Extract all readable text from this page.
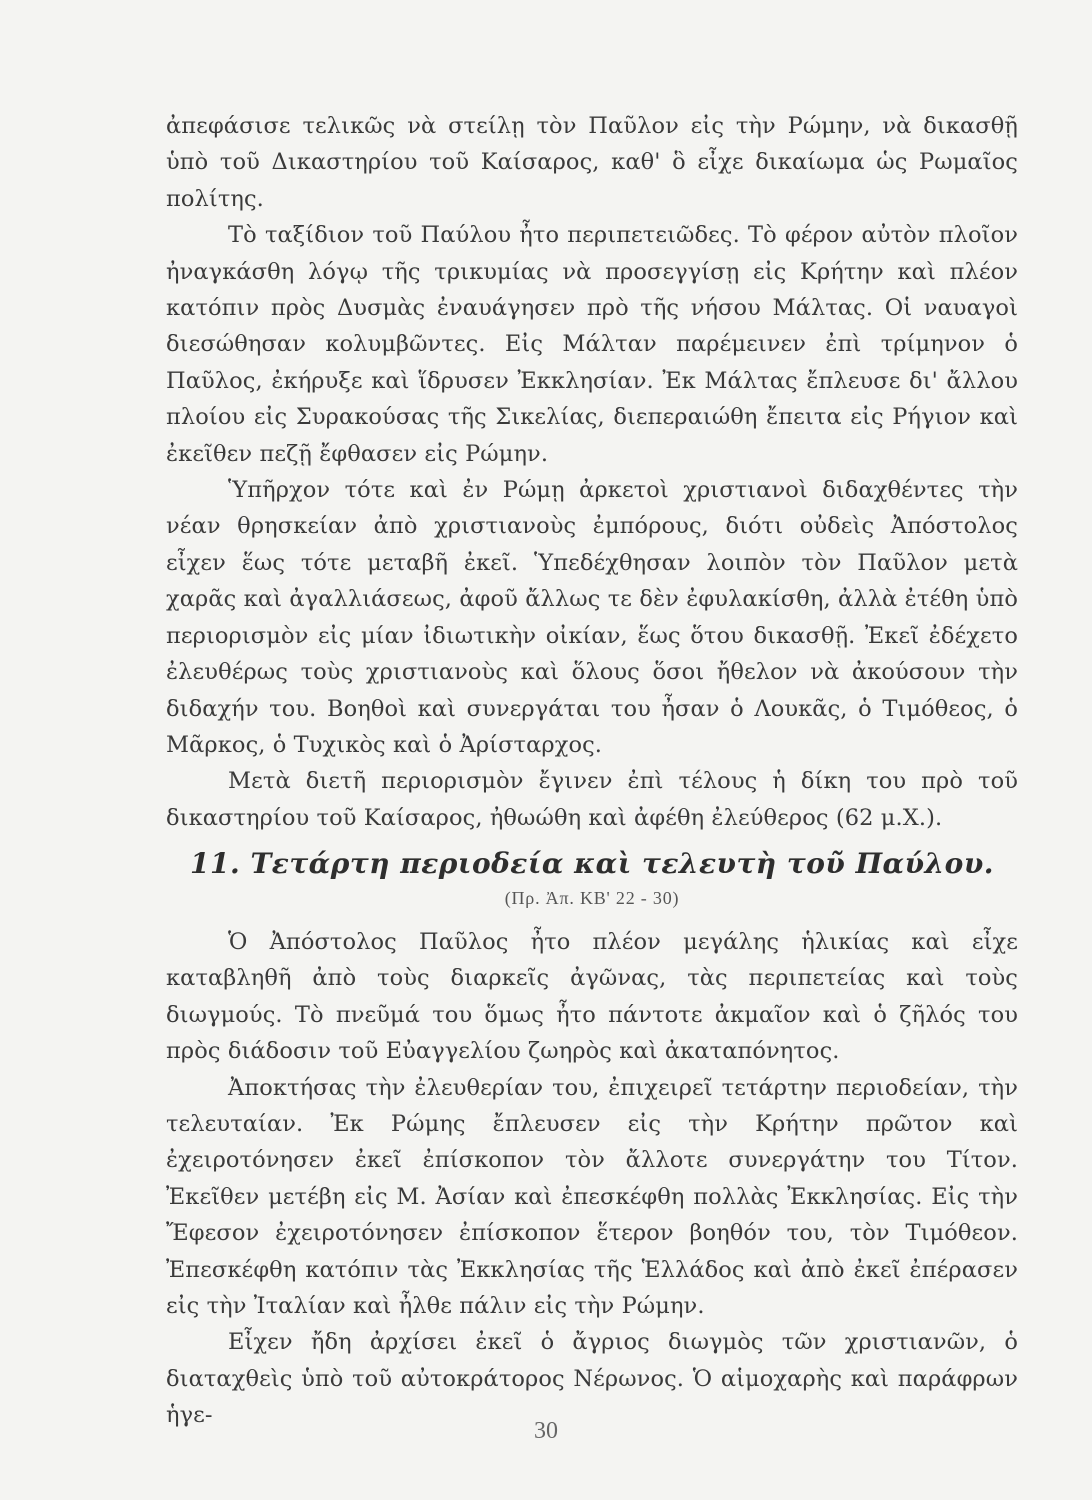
ἀπεφάσισε τελικῶς νὰ στείλῃ τὸν Παῦλον εἰς τὴν Ρώμην, νὰ δικασθῇ ὑπὸ τοῦ Δικαστηρίου τοῦ Καίσαρος, καθ' ὃ εἶχε δικαίωμα ὡς Ρωμαῖος πολίτης.

Τὸ ταξίδιον τοῦ Παύλου ἦτο περιπετειῶδες. Τὸ φέρον αὐτὸν πλοῖον ἠναγκάσθη λόγῳ τῆς τρικυμίας νὰ προσεγγίσῃ εἰς Κρήτην καὶ πλέον κατόπιν πρὸς Δυσμὰς ἐναυάγησεν πρὸ τῆς νήσου Μάλτας. Οἱ ναυαγοὶ διεσώθησαν κολυμβῶντες. Εἰς Μάλταν παρέμεινεν ἐπὶ τρίμηνον ὁ Παῦλος, ἐκήρυξε καὶ ἵδρυσεν Ἐκκλησίαν. Ἐκ Μάλτας ἔπλευσε δι' ἄλλου πλοίου εἰς Συρακούσας τῆς Σικελίας, διεπεραιώθη ἔπειτα εἰς Ρήγιον καὶ ἐκεῖθεν πεζῇ ἔφθασεν εἰς Ρώμην.

Ὑπῆρχον τότε καὶ ἐν Ρώμῃ ἀρκετοὶ χριστιανοὶ διδαχθέντες τὴν νέαν θρησκείαν ἀπὸ χριστιανοὺς ἐμπόρους, διότι οὐδεὶς Ἀπόστολος εἶχεν ἕως τότε μεταβῆ ἐκεῖ. Ὑπεδέχθησαν λοιπὸν τὸν Παῦλον μετὰ χαρᾶς καὶ ἀγαλλιάσεως, ἀφοῦ ἄλλως τε δὲν ἐφυλακίσθη, ἀλλὰ ἐτέθη ὑπὸ περιορισμὸν εἰς μίαν ἰδιωτικὴν οἰκίαν, ἕως ὅτου δικασθῇ. Ἐκεῖ ἐδέχετο ἐλευθέρως τοὺς χριστιανοὺς καὶ ὅλους ὅσοι ἤθελον νὰ ἀκούσουν τὴν διδαχήν του. Βοηθοὶ καὶ συνεργάται του ἦσαν ὁ Λουκᾶς, ὁ Τιμόθεος, ὁ Μᾶρκος, ὁ Τυχικὸς καὶ ὁ Ἀρίσταρχος.

Μετὰ διετῆ περιορισμὸν ἔγινεν ἐπὶ τέλους ἡ δίκη του πρὸ τοῦ δικαστηρίου τοῦ Καίσαρος, ἠθωώθη καὶ ἀφέθη ἐλεύθερος (62 μ.Χ.).

11. Τετάρτη περιοδεία καὶ τελευτὴ τοῦ Παύλου.
(Πρ. Ἀπ. ΚΒ' 22 - 30)

Ὁ Ἀπόστολος Παῦλος ἦτο πλέον μεγάλης ἡλικίας καὶ εἶχε καταβληθῆ ἀπὸ τοὺς διαρκεῖς ἀγῶνας, τὰς περιπετείας καὶ τοὺς διωγμούς. Τὸ πνεῦμά του ὅμως ἦτο πάντοτε ἀκμαῖον καὶ ὁ ζῆλός του πρὸς διάδοσιν τοῦ Εὐαγγελίου ζωηρὸς καὶ ἀκαταπόνητος.

Ἀποκτήσας τὴν ἐλευθερίαν του, ἐπιχειρεῖ τετάρτην περιοδείαν, τὴν τελευταίαν. Ἐκ Ρώμης ἔπλευσεν εἰς τὴν Κρήτην πρῶτον καὶ ἐχειροτόνησεν ἐκεῖ ἐπίσκοπον τὸν ἄλλοτε συνεργάτην του Τίτον. Ἐκεῖθεν μετέβη εἰς Μ. Ἀσίαν καὶ ἐπεσκέφθη πολλὰς Ἐκκλησίας. Εἰς τὴν Ἔφεσον ἐχειροτόνησεν ἐπίσκοπον ἕτερον βοηθόν του, τὸν Τιμόθεον. Ἐπεσκέφθη κατόπιν τὰς Ἐκκλησίας τῆς Ἑλλάδος καὶ ἀπὸ ἐκεῖ ἐπέρασεν εἰς τὴν Ἰταλίαν καὶ ἦλθε πάλιν εἰς τὴν Ρώμην.

Εἶχεν ἤδη ἀρχίσει ἐκεῖ ὁ ἄγριος διωγμὸς τῶν χριστιανῶν, ὁ διαταχθεὶς ὑπὸ τοῦ αὐτοκράτορος Νέρωνος. Ὁ αἱμοχαρὴς καὶ παράφρων ἡγε-

30
